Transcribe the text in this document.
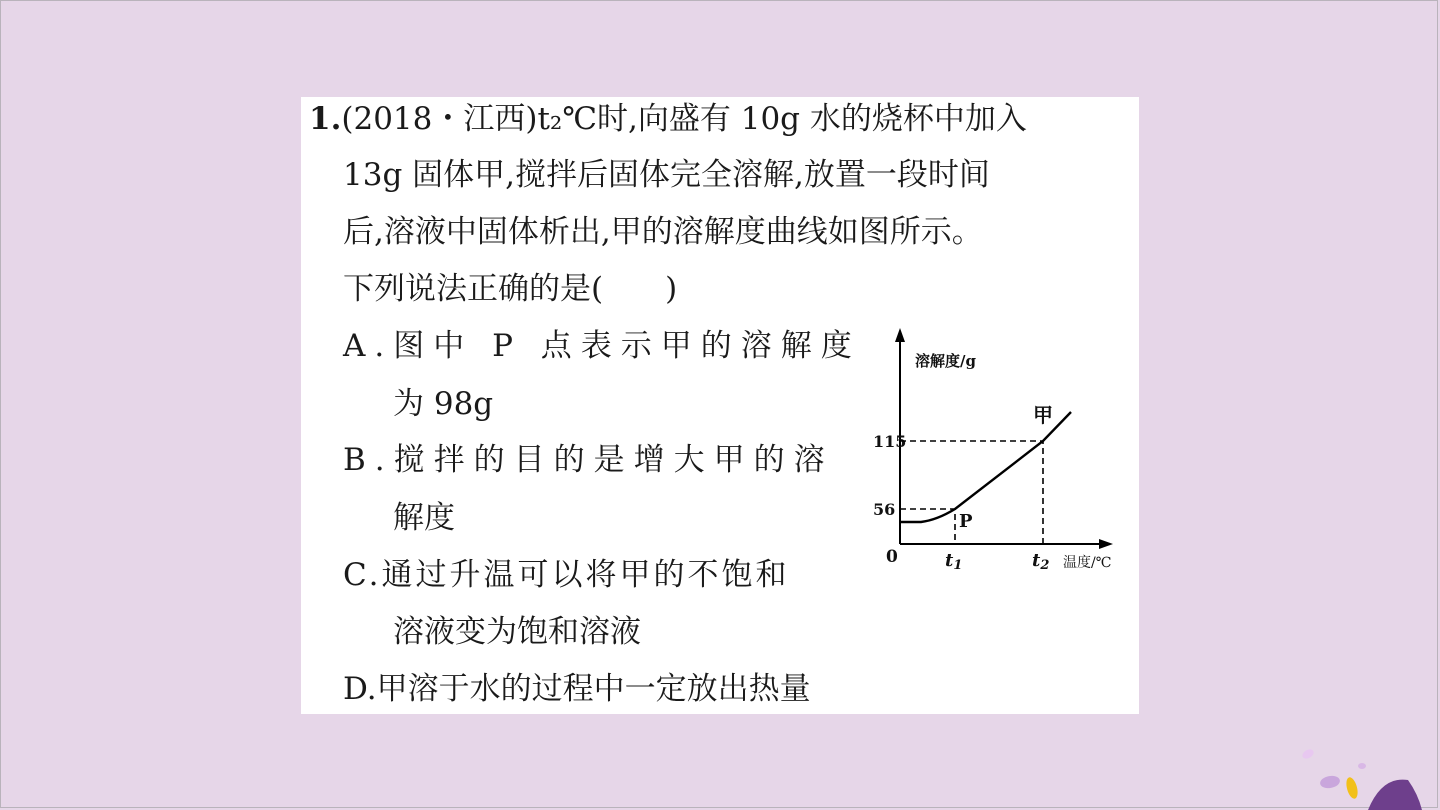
1.(2018・江西)t₂℃时,向盛有 10g 水的烧杯中加入
13g 固体甲,搅拌后固体完全溶解,放置一段时间
后,溶液中固体析出,甲的溶解度曲线如图所示。
下列说法正确的是(　　)
A.图中 P 点表示甲的溶解度
为 98g
B.搅拌的目的是增大甲的溶
解度
C.通过升温可以将甲的不饱和
溶液变为饱和溶液
D.甲溶于水的过程中一定放出热量
溶解度/g
温度/℃
0
115
56
t1	t2
P
甲
